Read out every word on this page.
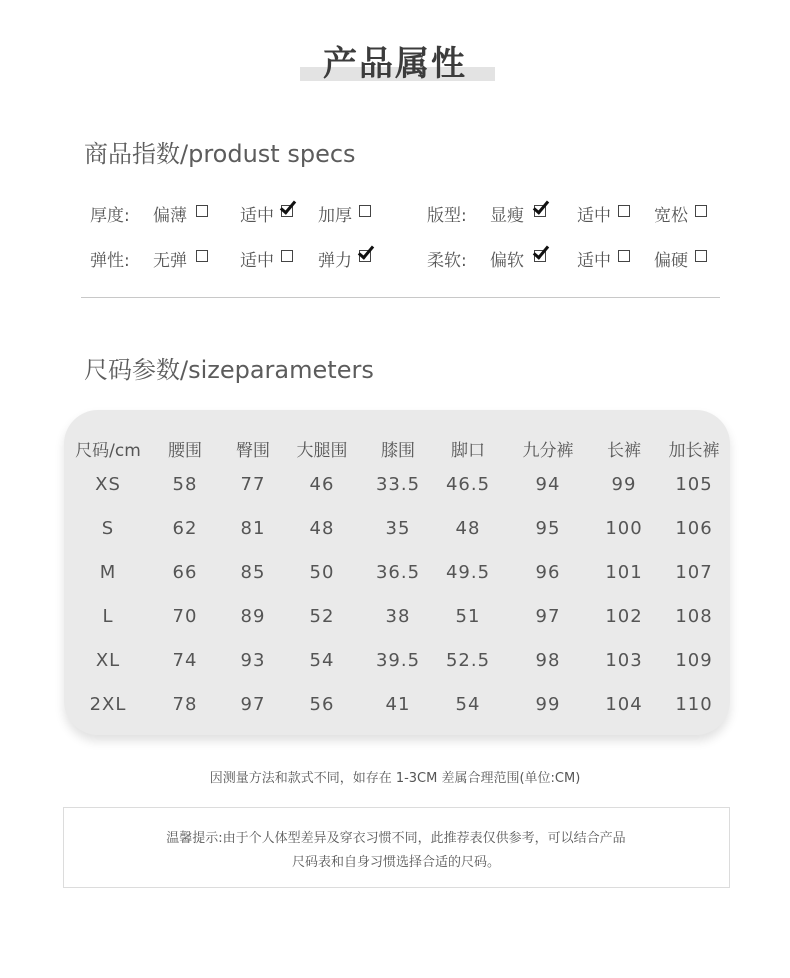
产品属性
商品指数/produst specs
厚度: 偏薄	适中	加厚	版型: 显瘦	适中	宽松
弹性: 无弹	适中	弹力	柔软: 偏软	适中	偏硬
尺码参数/sizeparameters
尺码/cm	腰围	臀围	大腿围	膝围	脚口	九分裤	长裤	加长裤
XS	58	77	46	33.5	46.5	94	99	105
S	62	81	48	35	48	95	100	106
M	66	85	50	36.5	49.5	96	101	107
L	70	89	52	38	51	97	102	108
XL	74	93	54	39.5	52.5	98	103	109
2XL	78	97	56	41	54	99	104	110
因测量方法和款式不同，如存在 1-3CM 差属合理范围(单位:CM)
温馨提示:由于个人体型差异及穿衣习惯不同，此推荐表仅供参考，可以结合产品
尺码表和自身习惯选择合适的尺码。
